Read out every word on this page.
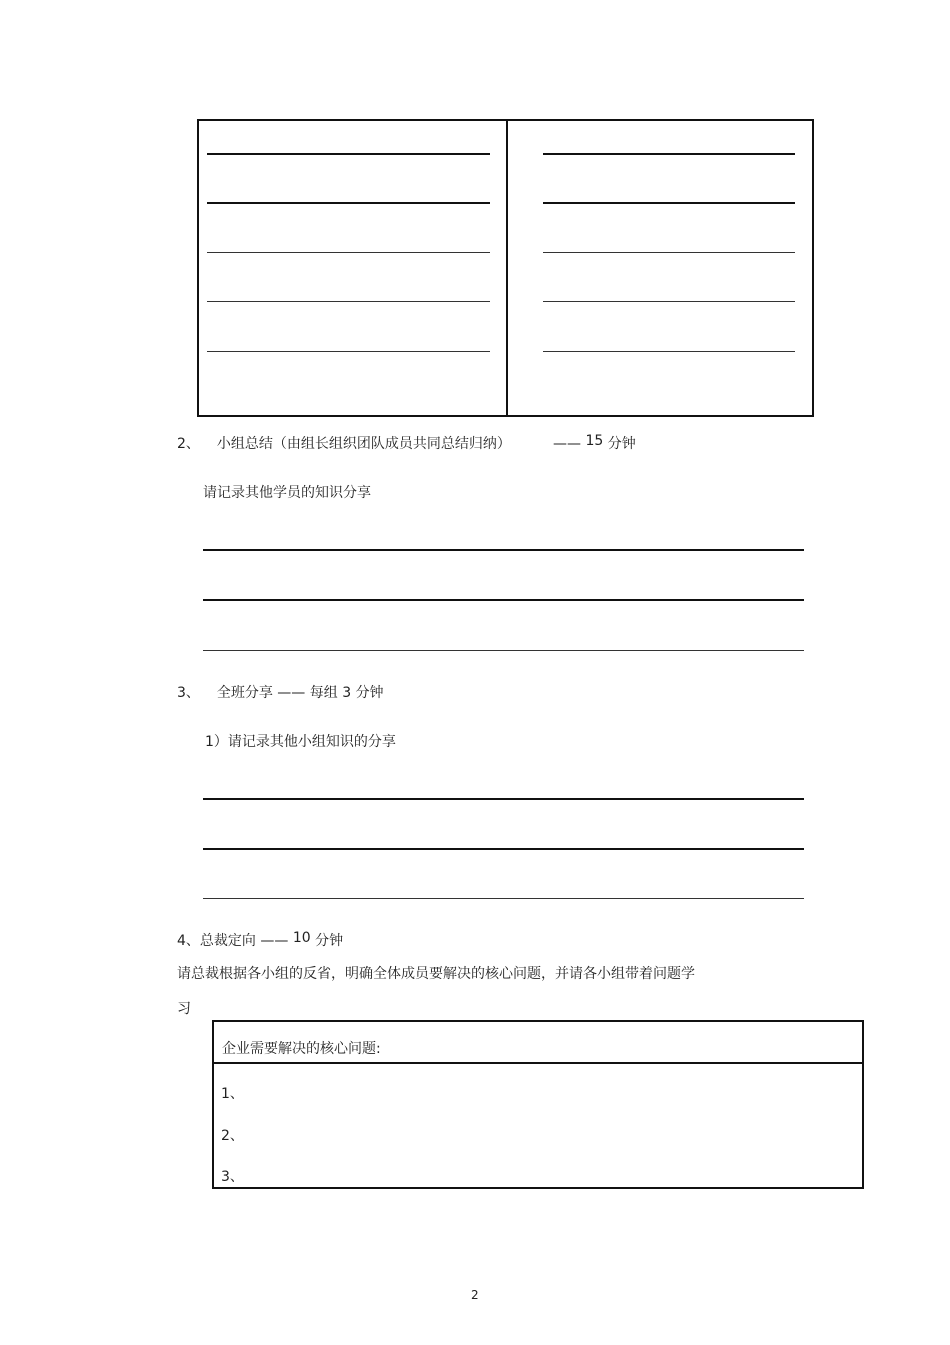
2、 小组总结（由组长组织团队成员共同总结归纳）	—— 15 分钟
请记录其他学员的知识分享
3、 全班分享 —— 每组 3 分钟
1）请记录其他小组知识的分享
4、总裁定向 —— 10 分钟
请总裁根据各小组的反省，明确全体成员要解决的核心问题，并请各小组带着问题学
习
企业需要解决的核心问题:
1、
2、
3、
2
